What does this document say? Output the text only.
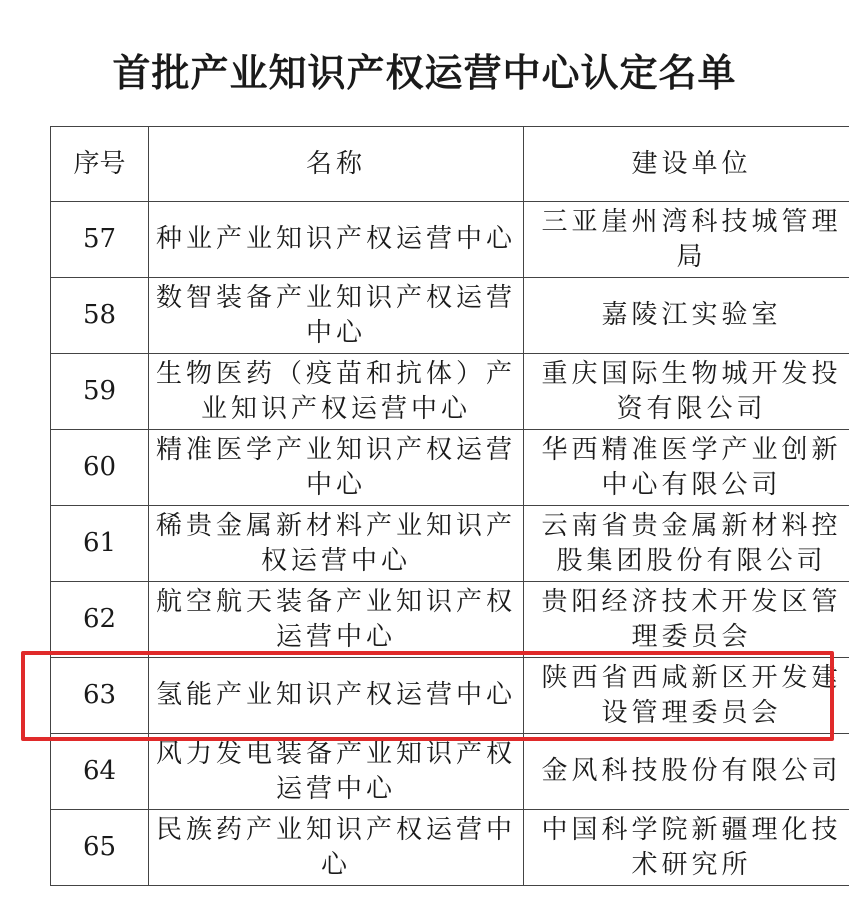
首批产业知识产权运营中心认定名单
序号	名称	建设单位
57	种业产业知识产权运营中心	三亚崖州湾科技城管理局
58	数智装备产业知识产权运营中心	嘉陵江实验室
59	生物医药（疫苗和抗体）产业知识产权运营中心	重庆国际生物城开发投资有限公司
60	精准医学产业知识产权运营中心	华西精准医学产业创新中心有限公司
61	稀贵金属新材料产业知识产权运营中心	云南省贵金属新材料控股集团股份有限公司
62	航空航天装备产业知识产权运营中心	贵阳经济技术开发区管理委员会
63	氢能产业知识产权运营中心	陕西省西咸新区开发建设管理委员会
64	风力发电装备产业知识产权运营中心	金风科技股份有限公司
65	民族药产业知识产权运营中心	中国科学院新疆理化技术研究所
